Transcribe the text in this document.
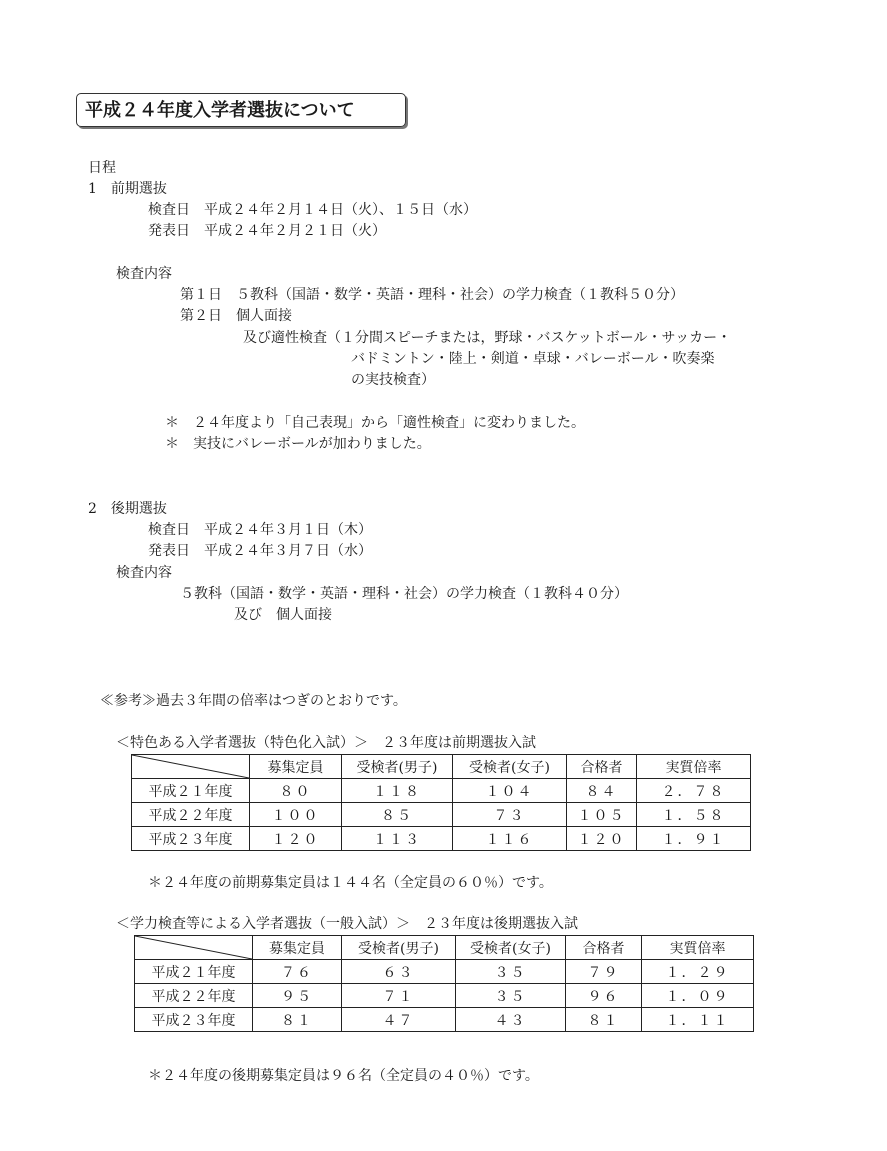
平成２４年度入学者選抜について
日程
1　前期選抜
検査日　平成２４年２月１４日（火）、１５日（水）
発表日　平成２４年２月２１日（火）
検査内容
第１日　５教科（国語・数学・英語・理科・社会）の学力検査（１教科５０分）
第２日　個人面接
及び適性検査（１分間スピーチまたは，野球・バスケットボール・サッカー・
バドミントン・陸上・剣道・卓球・バレーボール・吹奏楽
の実技検査）
＊　２４年度より「自己表現」から「適性検査」に変わりました。
＊　実技にバレーボールが加わりました。
2　後期選抜
検査日　平成２４年３月１日（木）
発表日　平成２４年３月７日（水）
検査内容
５教科（国語・数学・英語・理科・社会）の学力検査（１教科４０分）
及び　個人面接
≪参考≫過去３年間の倍率はつぎのとおりです。
＜特色ある入学者選抜（特色化入試）＞　２３年度は前期選抜入試
	募集定員	受検者(男子)	受検者(女子)	合格者	実質倍率
平成２１年度	８０	１１８	１０４	８４	２．７８
平成２２年度	１００	８５	７３	１０５	１．５８
平成２３年度	１２０	１１３	１１６	１２０	１．９１
＊２４年度の前期募集定員は１４４名（全定員の６０％）です。
＜学力検査等による入学者選抜（一般入試）＞　２３年度は後期選抜入試
	募集定員	受検者(男子)	受検者(女子)	合格者	実質倍率
平成２１年度	７６	６３	３５	７９	１．２９
平成２２年度	９５	７１	３５	９６	１．０９
平成２３年度	８１	４７	４３	８１	１．１１
＊２４年度の後期募集定員は９６名（全定員の４０％）です。
